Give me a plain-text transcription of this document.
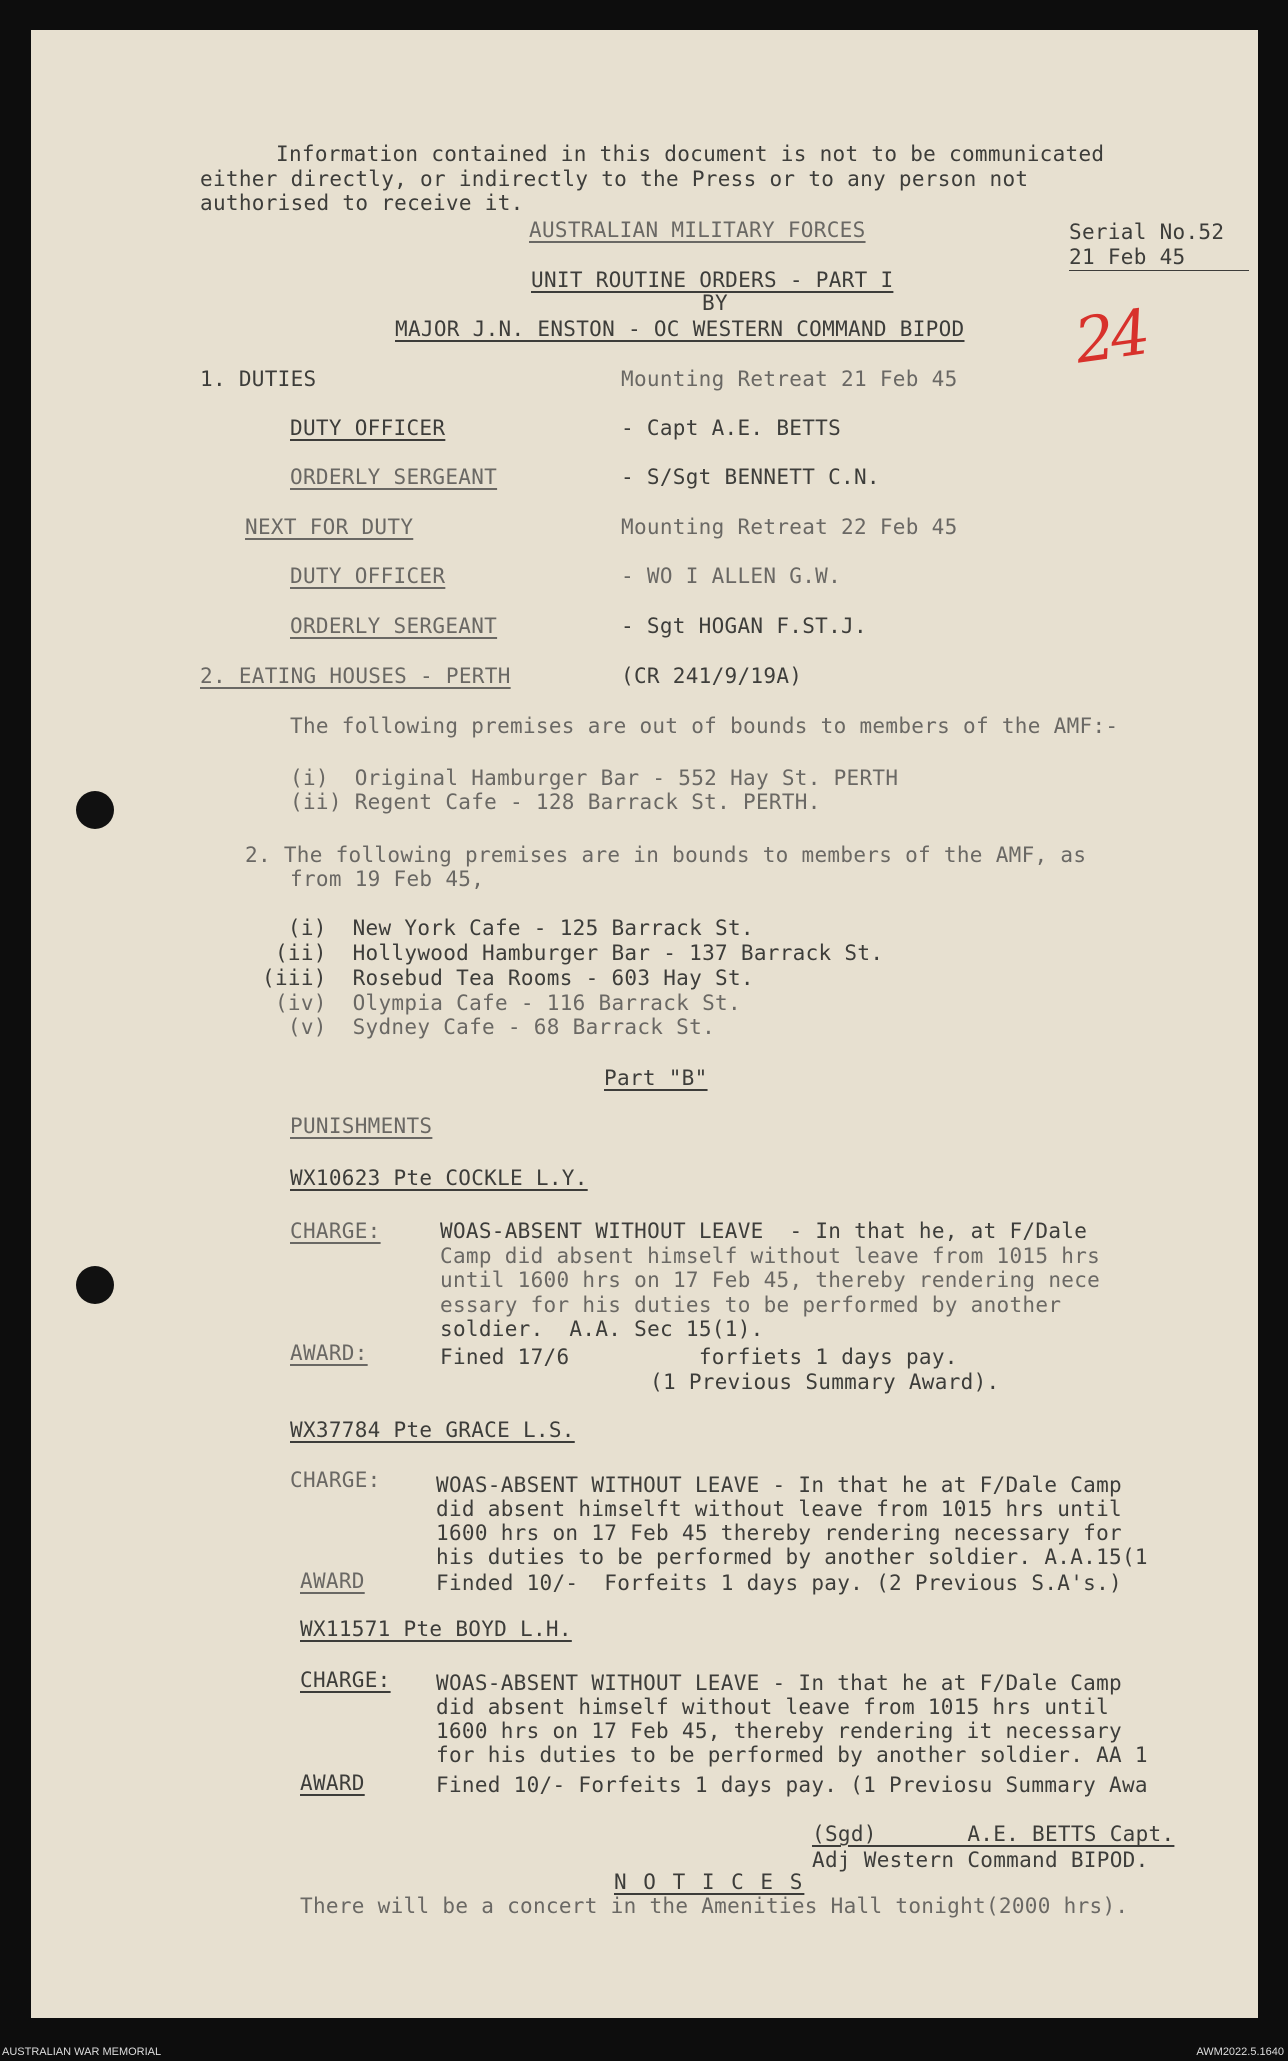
Information contained in this document is not to be communicated
either directly, or indirectly to the Press or to any person not
authorised to receive it.
AUSTRALIAN MILITARY FORCES	Serial No.52
21 Feb 45
UNIT ROUTINE ORDERS - PART I
BY
MAJOR J.N. ENSTON - OC WESTERN COMMAND BIPOD 24
1. DUTIES	Mounting Retreat 21 Feb 45
DUTY OFFICER	- Capt A.E. BETTS
ORDERLY SERGEANT	- S/Sgt BENNETT C.N.
NEXT FOR DUTY	Mounting Retreat 22 Feb 45
DUTY OFFICER	- WO I ALLEN G.W.
ORDERLY SERGEANT	- Sgt HOGAN F.ST.J.
2. EATING HOUSES - PERTH	(CR 241/9/19A)
The following premises are out of bounds to members of the AMF:-
(i)  Original Hamburger Bar - 552 Hay St. PERTH
(ii) Regent Cafe - 128 Barrack St. PERTH.
2. The following premises are in bounds to members of the AMF, as
from 19 Feb 45,
(i)  New York Cafe - 125 Barrack St.
(ii)  Hollywood Hamburger Bar - 137 Barrack St.
(iii)  Rosebud Tea Rooms - 603 Hay St.
(iv)  Olympia Cafe - 116 Barrack St.
(v)  Sydney Cafe - 68 Barrack St.
Part "B"
PUNISHMENTS
WX10623 Pte COCKLE L.Y.
CHARGE:	WOAS-ABSENT WITHOUT LEAVE  - In that he, at F/Dale
Camp did absent himself without leave from 1015 hrs
until 1600 hrs on 17 Feb 45, thereby rendering nece
essary for his duties to be performed by another
soldier.  A.A. Sec 15(1).
AWARD:	Fined 17/6          forfiets 1 days pay.
(1 Previous Summary Award).
WX37784 Pte GRACE L.S.
CHARGE:	WOAS-ABSENT WITHOUT LEAVE - In that he at F/Dale Camp
did absent himselft without leave from 1015 hrs until
1600 hrs on 17 Feb 45 thereby rendering necessary for
his duties to be performed by another soldier. A.A.15(1
AWARD	Finded 10/-  Forfeits 1 days pay. (2 Previous S.A's.)
WX11571 Pte BOYD L.H.
CHARGE: WOAS-ABSENT WITHOUT LEAVE - In that he at F/Dale Camp
did absent himself without leave from 1015 hrs until
1600 hrs on 17 Feb 45, thereby rendering it necessary
for his duties to be performed by another soldier. AA 1
AWARD	Fined 10/- Forfeits 1 days pay. (1 Previosu Summary Awa
(Sgd)       A.E. BETTS Capt.
Adj Western Command BIPOD.
N O T I C E S
There will be a concert in the Amenities Hall tonight(2000 hrs).
AUSTRALIAN WAR MEMORIAL	AWM2022.5.1640
